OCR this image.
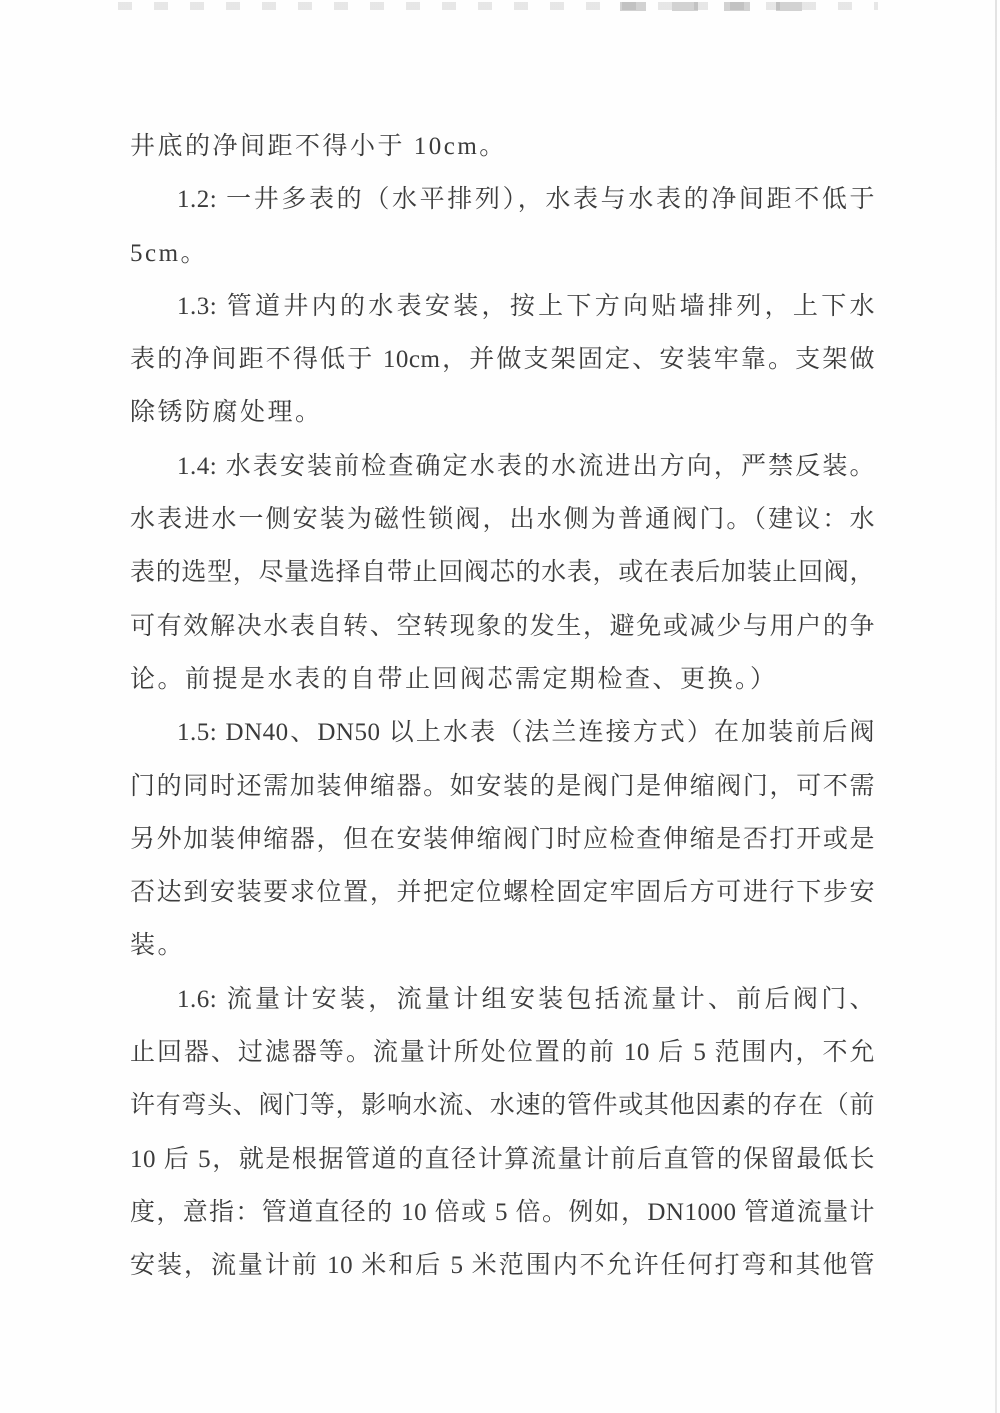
井底的净间距不得小于 10cm。
1.2: 一井多表的（水平排列），水表与水表的净间距不低于
5cm。
1.3: 管道井内的水表安装，按上下方向贴墙排列，上下水
表的净间距不得低于 10cm，并做支架固定、安装牢靠。支架做
除锈防腐处理。
1.4: 水表安装前检查确定水表的水流进出方向，严禁反装。
水表进水一侧安装为磁性锁阀，出水侧为普通阀门。（建议：水
表的选型，尽量选择自带止回阀芯的水表，或在表后加装止回阀，
可有效解决水表自转、空转现象的发生，避免或减少与用户的争
论。前提是水表的自带止回阀芯需定期检查、更换。）
1.5: DN40、DN50 以上水表（法兰连接方式）在加装前后阀
门的同时还需加装伸缩器。如安装的是阀门是伸缩阀门，可不需
另外加装伸缩器，但在安装伸缩阀门时应检查伸缩是否打开或是
否达到安装要求位置，并把定位螺栓固定牢固后方可进行下步安
装。
1.6: 流量计安装，流量计组安装包括流量计、前后阀门、
止回器、过滤器等。流量计所处位置的前 10 后 5 范围内，不允
许有弯头、阀门等，影响水流、水速的管件或其他因素的存在（前
10 后 5，就是根据管道的直径计算流量计前后直管的保留最低长
度，意指：管道直径的 10 倍或 5 倍。例如，DN1000 管道流量计
安装，流量计前 10 米和后 5 米范围内不允许任何打弯和其他管
